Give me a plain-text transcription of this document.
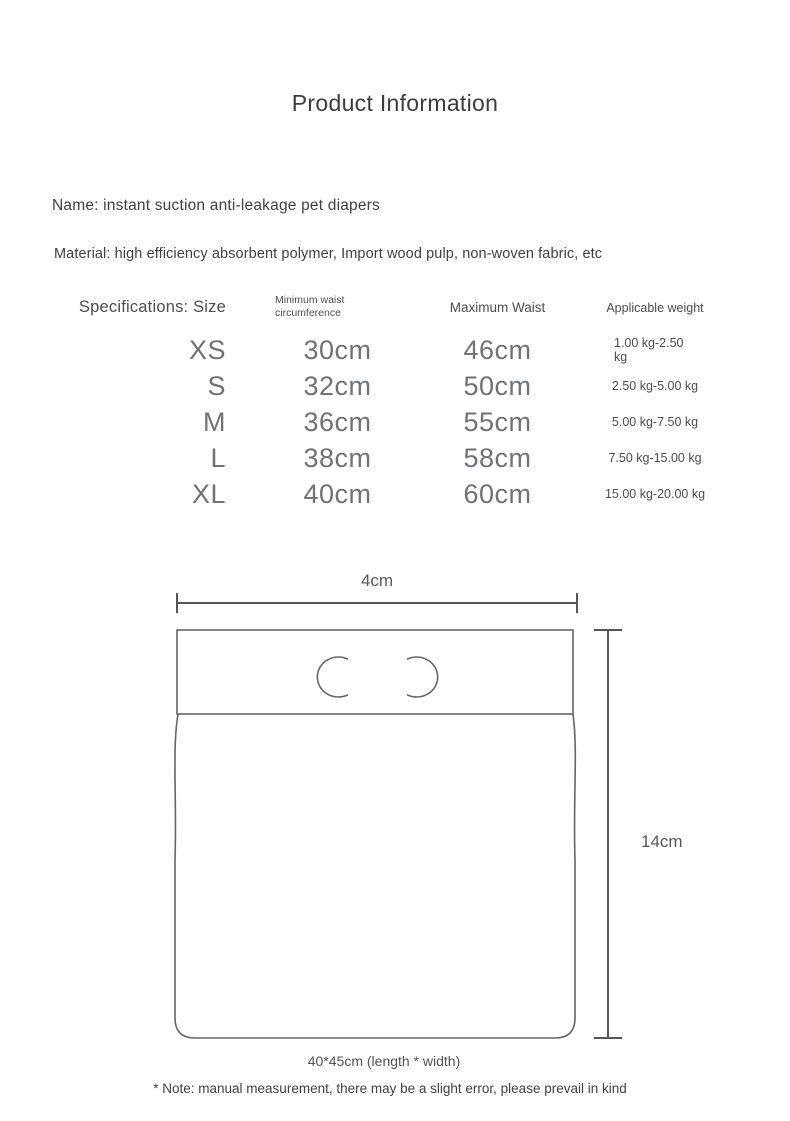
Product Information
Name: instant suction anti-leakage pet diapers
Material: high efficiency absorbent polymer, Import wood pulp, non-woven fabric, etc
Specifications: Size	Minimum waist circumference	Maximum Waist	Applicable weight
XS	30cm	46cm	1.00 kg-2.50 kg
S	32cm	50cm	2.50 kg-5.00 kg
M	36cm	55cm	5.00 kg-7.50 kg
L	38cm	58cm	7.50 kg-15.00 kg
XL	40cm	60cm	15.00 kg-20.00 kg
4cm
14cm
40*45cm (length * width)
* Note: manual measurement, there may be a slight error, please prevail in kind
